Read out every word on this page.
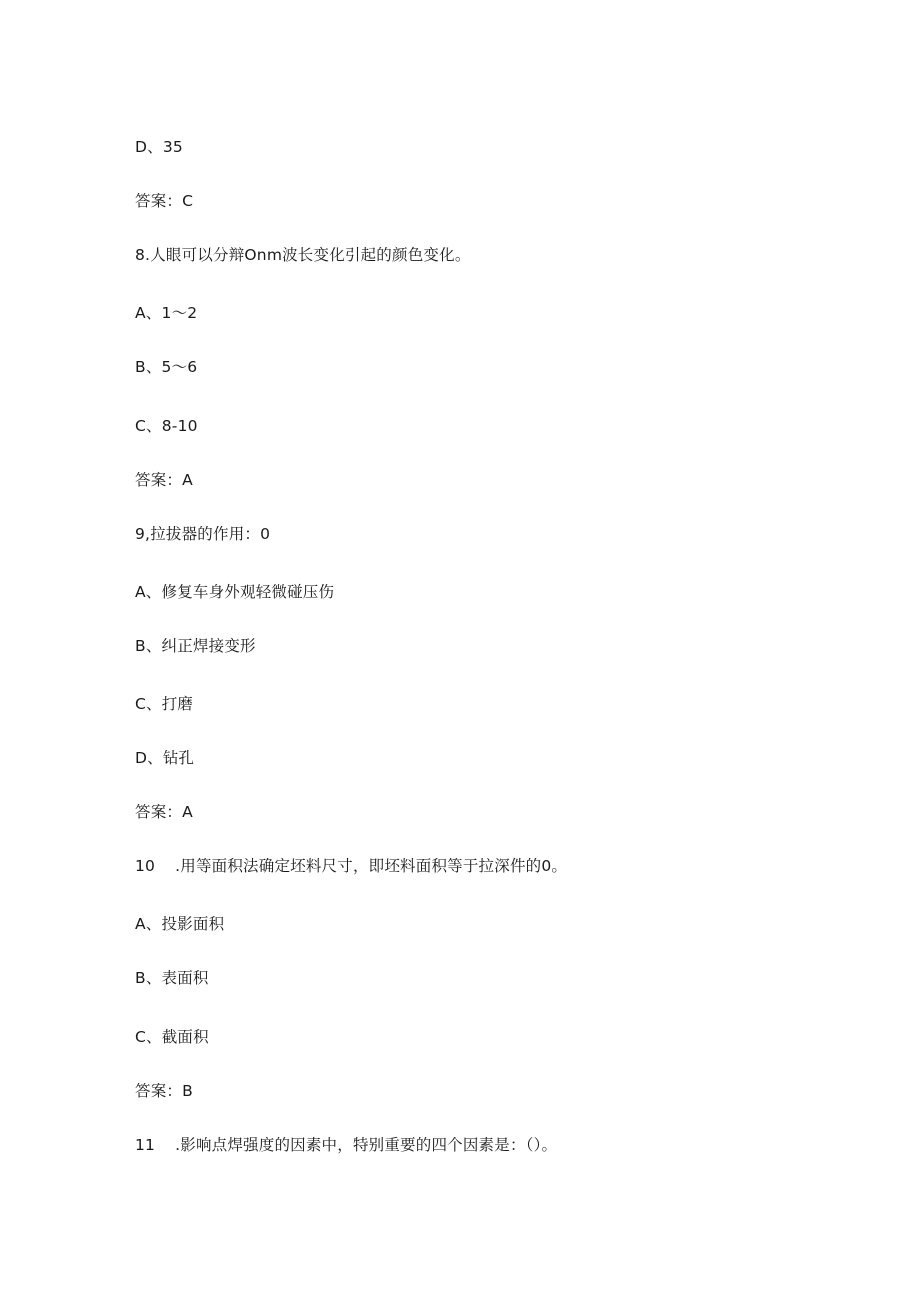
D、35
答案：C
8.人眼可以分辩Onm波长变化引起的颜色变化。
A、1～2
B、5～6
C、8-10
答案：A
9,拉拔器的作用：0
A、修复车身外观轻微碰压伤
B、纠正焊接变形
C、打磨
D、钻孔
答案：A
10 .用等面积法确定坯料尺寸，即坯料面积等于拉深件的0。
A、投影面积
B、表面积
C、截面积
答案：B
11 .影响点焊强度的因素中，特别重要的四个因素是：（）。
